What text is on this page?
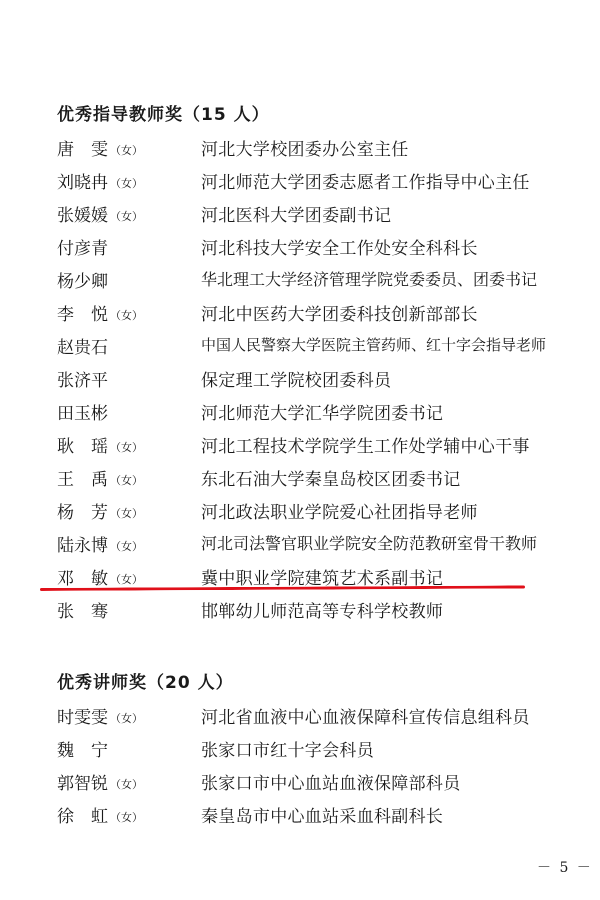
优秀指导教师奖（15 人）
唐　雯 （女）	河北大学校团委办公室主任
刘晓冉 （女）	河北师范大学团委志愿者工作指导中心主任
张媛媛 （女）	河北医科大学团委副书记
付彦青	河北科技大学安全工作处安全科科长
杨少卿	华北理工大学经济管理学院党委委员、团委书记
李　悦 （女）	河北中医药大学团委科技创新部部长
赵贵石	中国人民警察大学医院主管药师、红十字会指导老师
张济平	保定理工学院校团委科员
田玉彬	河北师范大学汇华学院团委书记
耿　瑶 （女）	河北工程技术学院学生工作处学辅中心干事
王　禹 （女）	东北石油大学秦皇岛校区团委书记
杨　芳 （女）	河北政法职业学院爱心社团指导老师
陆永博 （女）	河北司法警官职业学院安全防范教研室骨干教师
邓　敏 （女）	冀中职业学院建筑艺术系副书记
张　骞	邯郸幼儿师范高等专科学校教师
优秀讲师奖（20 人）
时雯雯 （女）	河北省血液中心血液保障科宣传信息组科员
魏　宁	张家口市红十字会科员
郭智锐 （女）	张家口市中心血站血液保障部科员
徐　虹 （女）	秦皇岛市中心血站采血科副科长
－ 5 －
